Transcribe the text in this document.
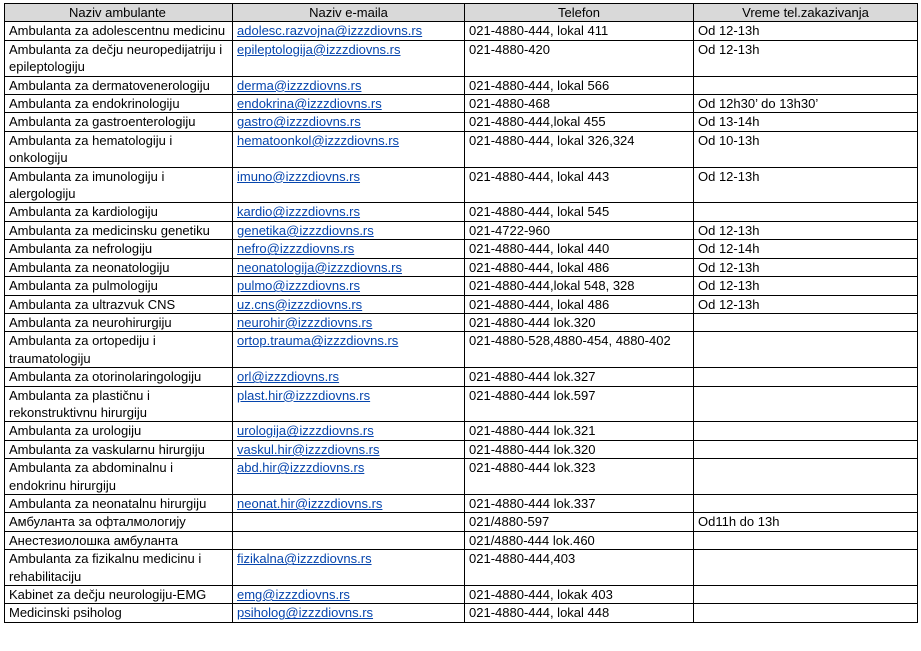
Naziv ambulante	Naziv e-maila	Telefon	Vreme tel.zakazivanja
Ambulanta za adolescentnu medicinu	adolesc.razvojna@izzzdiovns.rs	021-4880-444, lokal 411	Od 12-13h
Ambulanta za dečju neuropedijatriju i epileptologiju	epileptologija@izzzdiovns.rs	021-4880-420	Od 12-13h
Ambulanta za dermatovenerologiju	derma@izzzdiovns.rs	021-4880-444, lokal 566	
Ambulanta za endokrinologiju	endokrina@izzzdiovns.rs	021-4880-468	Od 12h30’ do 13h30’
Ambulanta za gastroenterologiju	gastro@izzzdiovns.rs	021-4880-444,lokal 455	Od 13-14h
Ambulanta za hematologiju i onkologiju	hematoonkol@izzzdiovns.rs	021-4880-444, lokal 326,324	Od 10-13h
Ambulanta za imunologiju i alergologiju	imuno@izzzdiovns.rs	021-4880-444, lokal 443	Od 12-13h
Ambulanta za kardiologiju	kardio@izzzdiovns.rs	021-4880-444, lokal 545	
Ambulanta za medicinsku genetiku	genetika@izzzdiovns.rs	021-4722-960	Od 12-13h
Ambulanta za nefrologiju	nefro@izzzdiovns.rs	021-4880-444, lokal 440	Od 12-14h
Ambulanta za neonatologiju	neonatologija@izzzdiovns.rs	021-4880-444, lokal 486	Od 12-13h
Ambulanta za pulmologiju	pulmo@izzzdiovns.rs	021-4880-444,lokal 548, 328	Od 12-13h
Ambulanta za ultrazvuk CNS	uz.cns@izzzdiovns.rs	021-4880-444, lokal 486	Od 12-13h
Ambulanta za neurohirurgiju	neurohir@izzzdiovns.rs	021-4880-444 lok.320	
Ambulanta za ortopediju i traumatologiju	ortop.trauma@izzzdiovns.rs	021-4880-528,4880-454, 4880-402	
Ambulanta za otorinolaringologiju	orl@izzzdiovns.rs	021-4880-444 lok.327	
Ambulanta za plastičnu i rekonstruktivnu hirurgiju	plast.hir@izzzdiovns.rs	021-4880-444 lok.597	
Ambulanta za urologiju	urologija@izzzdiovns.rs	021-4880-444 lok.321	
Ambulanta za vaskularnu hirurgiju	vaskul.hir@izzzdiovns.rs	021-4880-444 lok.320	
Ambulanta za abdominalnu i endokrinu hirurgiju	abd.hir@izzzdiovns.rs	021-4880-444 lok.323	
Ambulanta za neonatalnu hirurgiju	neonat.hir@izzzdiovns.rs	021-4880-444 lok.337	
Амбуланта за офталмологију		021/4880-597	Od11h do 13h
Анестезиолошка амбуланта		021/4880-444 lok.460	
Ambulanta za fizikalnu medicinu i rehabilitaciju	fizikalna@izzzdiovns.rs	021-4880-444,403	
Kabinet za dečju neurologiju-EMG	emg@izzzdiovns.rs	021-4880-444, lokak 403	
Medicinski psiholog	psiholog@izzzdiovns.rs	021-4880-444, lokal 448	
